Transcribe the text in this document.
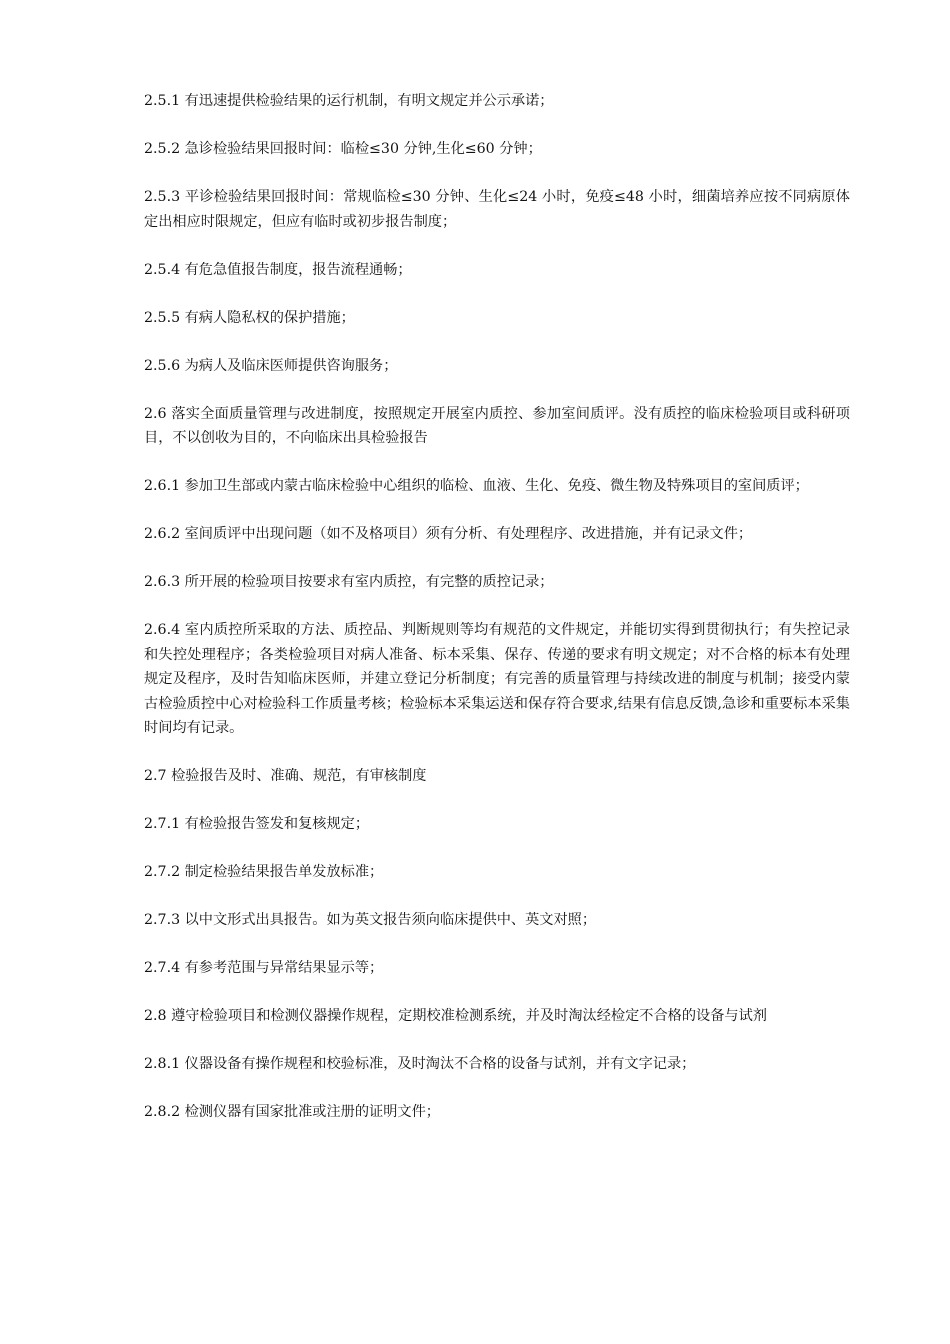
2.5.1 有迅速提供检验结果的运行机制，有明文规定并公示承诺；

2.5.2 急诊检验结果回报时间：临检≤30 分钟,生化≤60 分钟；

2.5.3 平诊检验结果回报时间：常规临检≤30 分钟、生化≤24 小时，免疫≤48 小时，细菌培养应按不同病原体定出相应时限规定，但应有临时或初步报告制度；

2.5.4 有危急值报告制度，报告流程通畅；

2.5.5 有病人隐私权的保护措施；

2.5.6 为病人及临床医师提供咨询服务；

2.6 落实全面质量管理与改进制度，按照规定开展室内质控、参加室间质评。没有质控的临床检验项目或科研项目，不以创收为目的，不向临床出具检验报告

2.6.1 参加卫生部或内蒙古临床检验中心组织的临检、血液、生化、免疫、微生物及特殊项目的室间质评；

2.6.2 室间质评中出现问题（如不及格项目）须有分析、有处理程序、改进措施，并有记录文件；

2.6.3 所开展的检验项目按要求有室内质控，有完整的质控记录；

2.6.4 室内质控所采取的方法、质控品、判断规则等均有规范的文件规定，并能切实得到贯彻执行；有失控记录和失控处理程序；各类检验项目对病人准备、标本采集、保存、传递的要求有明文规定；对不合格的标本有处理规定及程序，及时告知临床医师，并建立登记分析制度；有完善的质量管理与持续改进的制度与机制；接受内蒙古检验质控中心对检验科工作质量考核；检验标本采集运送和保存符合要求,结果有信息反馈,急诊和重要标本采集时间均有记录。

2.7 检验报告及时、准确、规范，有审核制度

2.7.1 有检验报告签发和复核规定；

2.7.2 制定检验结果报告单发放标准；

2.7.3 以中文形式出具报告。如为英文报告须向临床提供中、英文对照；

2.7.4 有参考范围与异常结果显示等；

2.8 遵守检验项目和检测仪器操作规程，定期校准检测系统，并及时淘汰经检定不合格的设备与试剂

2.8.1 仪器设备有操作规程和校验标准，及时淘汰不合格的设备与试剂，并有文字记录；

2.8.2 检测仪器有国家批准或注册的证明文件；
